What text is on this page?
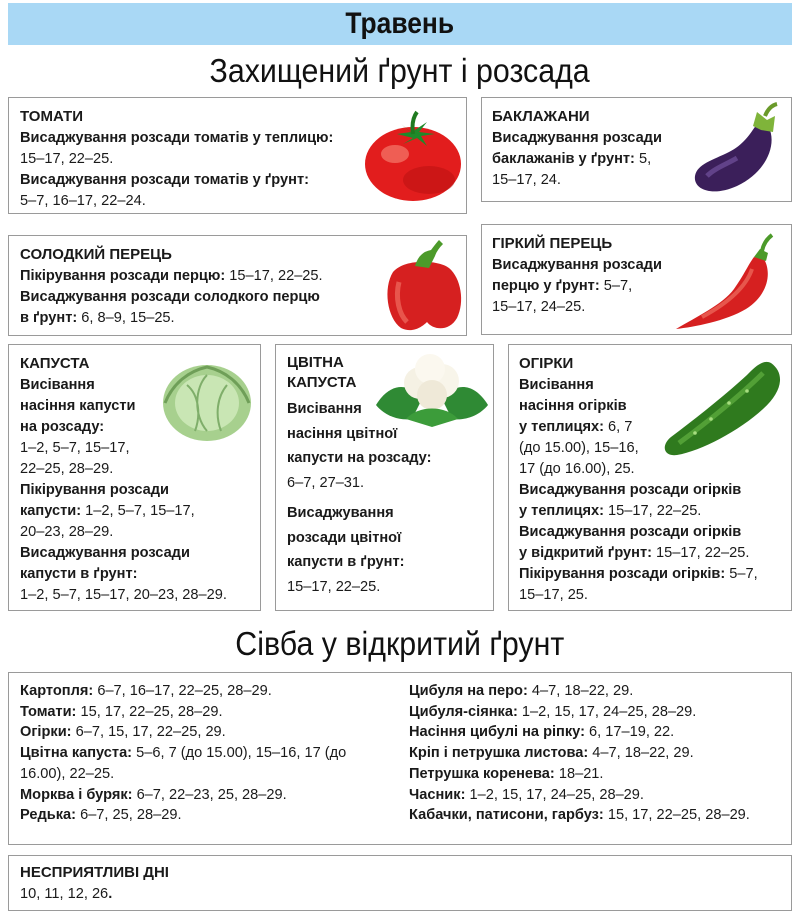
Травень
Захищений ґрунт і розсада
ТОМАТИ
Висаджування розсади томатів у теплицю:
15–17, 22–25.
Висаджування розсади томатів у ґрунт:
5–7, 16–17, 22–24.
БАКЛАЖАНИ
Висаджування розсади
баклажанів у ґрунт: 5,
15–17, 24.
СОЛОДКИЙ ПЕРЕЦЬ
Пікірування розсади перцю: 15–17, 22–25.
Висаджування розсади солодкого перцю
в ґрунт: 6, 8–9, 15–25.
ГІРКИЙ ПЕРЕЦЬ
Висаджування розсади
перцю у ґрунт: 5–7,
15–17, 24–25.
КАПУСТА
Висівання
насіння капусти
на розсаду:
1–2, 5–7, 15–17,
22–25, 28–29.
Пікірування розсади
капусти: 1–2, 5–7, 15–17,
20–23, 28–29.
Висаджування розсади
капусти в ґрунт:
1–2, 5–7, 15–17, 20–23, 28–29.
ЦВІТНА
КАПУСТА
Висівання
насіння цвітної
капусти на розсаду:
6–7, 27–31.
Висаджування
розсади цвітної
капусти в ґрунт:
15–17, 22–25.
ОГІРКИ
Висівання
насіння огірків
у теплицях: 6, 7
(до 15.00), 15–16,
17 (до 16.00), 25.
Висаджування розсади огірків
у теплицях: 15–17, 22–25.
Висаджування розсади огірків
у відкритий ґрунт: 15–17, 22–25.
Пікірування розсади огірків: 5–7,
15–17, 25.
Сівба у відкритий ґрунт
Картопля: 6–7, 16–17, 22–25, 28–29.
Томати: 15, 17, 22–25, 28–29.
Огірки: 6–7, 15, 17, 22–25, 29.
Цвітна капуста: 5–6, 7 (до 15.00), 15–16, 17 (до 16.00), 22–25.
Морква і буряк: 6–7, 22–23, 25, 28–29.
Редька: 6–7, 25, 28–29.
Цибуля на перо: 4–7, 18–22, 29.
Цибуля-сіянка: 1–2, 15, 17, 24–25, 28–29.
Насіння цибулі на ріпку: 6, 17–19, 22.
Кріп і петрушка листова: 4–7, 18–22, 29.
Петрушка коренева: 18–21.
Часник: 1–2, 15, 17, 24–25, 28–29.
Кабачки, патисони, гарбуз: 15, 17, 22–25, 28–29.
НЕСПРИЯТЛИВІ ДНІ
10, 11, 12, 26.
